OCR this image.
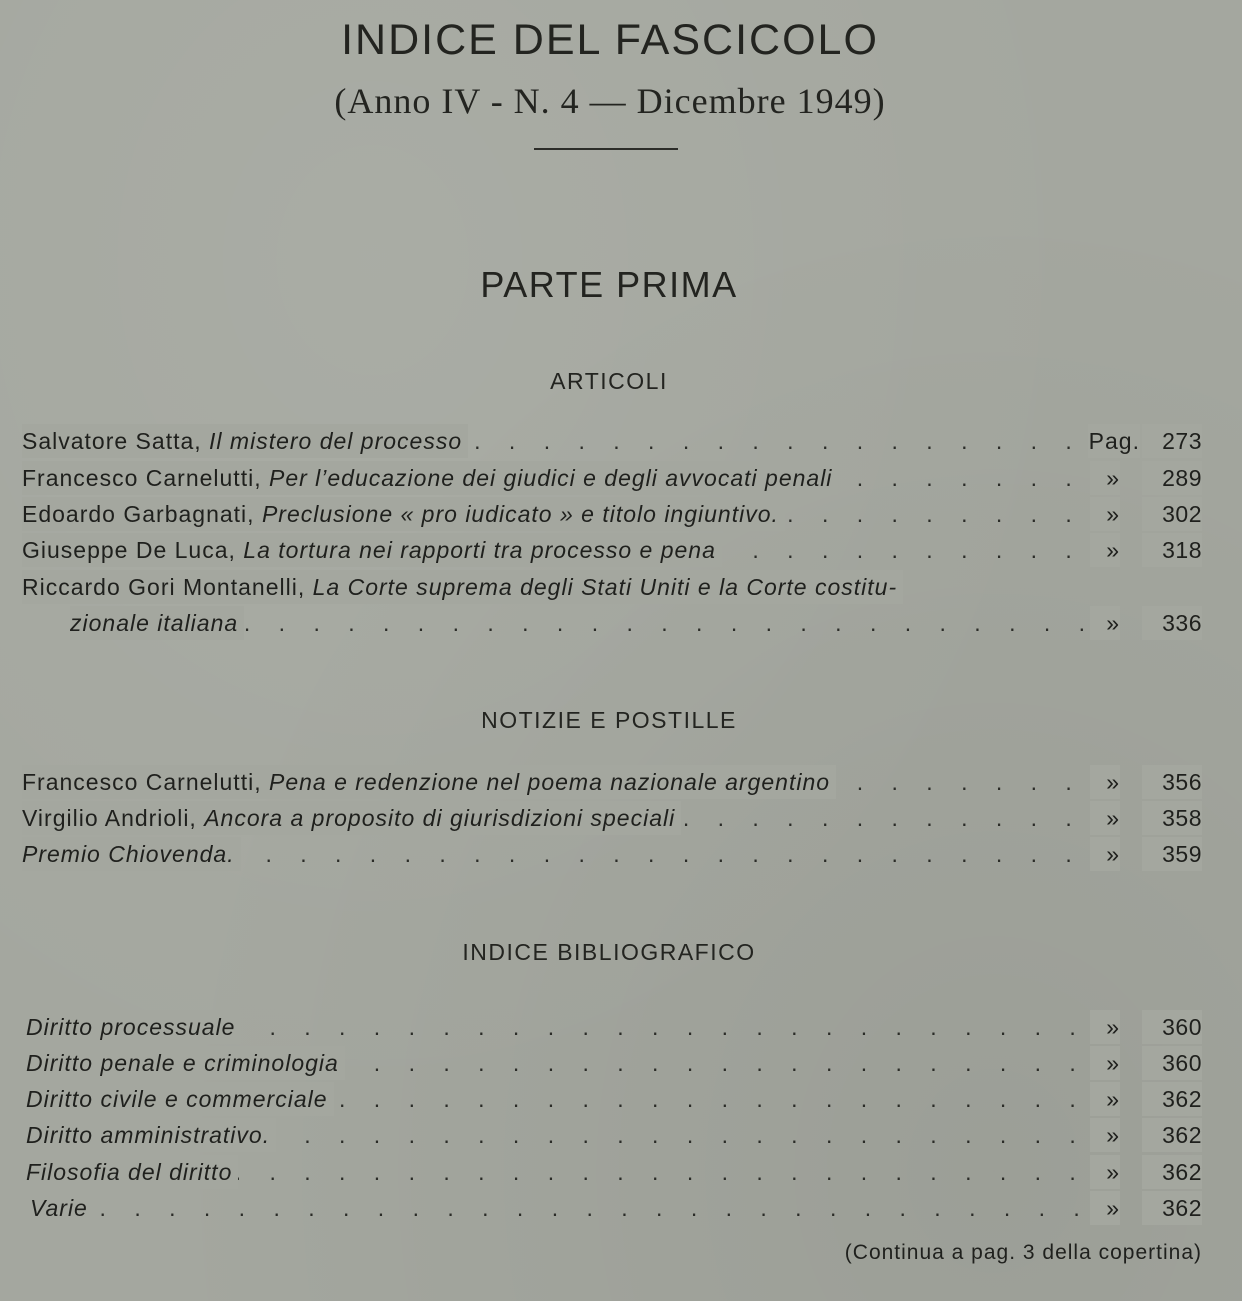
INDICE DEL FASCICOLO
(Anno IV - N. 4 — Dicembre 1949)
PARTE PRIMA
ARTICOLI
. . .
Salvatore Satta, Il mistero del processo	Pag. 273
. . .
Francesco Carnelutti, Per l’educazione dei giudici e degli avvocati penali	»	289
. . .
Edoardo Garbagnati, Preclusione « pro iudicato » e titolo ingiuntivo.	»	302
. . .
Giuseppe De Luca, La tortura nei rapporti tra processo e pena	»	318
Riccardo Gori Montanelli, La Corte suprema degli Stati Uniti e la Corte costitu-
. . .
zionale italiana	»	336
NOTIZIE E POSTILLE
. . .
Francesco Carnelutti, Pena e redenzione nel poema nazionale argentino	»	356
. . .
Virgilio Andrioli, Ancora a proposito di giurisdizioni speciali	»	358
. . .
Premio Chiovenda.	»	359
INDICE BIBLIOGRAFICO
. . .
Diritto processuale	»	360
. . .
Diritto penale e criminologia	»	360
. . .
Diritto civile e commerciale	»	362
. . .
Diritto amministrativo.	»	362
. . .
Filosofia del diritto	»	362
. . .
Varie	»	362
(Continua a pag. 3 della copertina)
